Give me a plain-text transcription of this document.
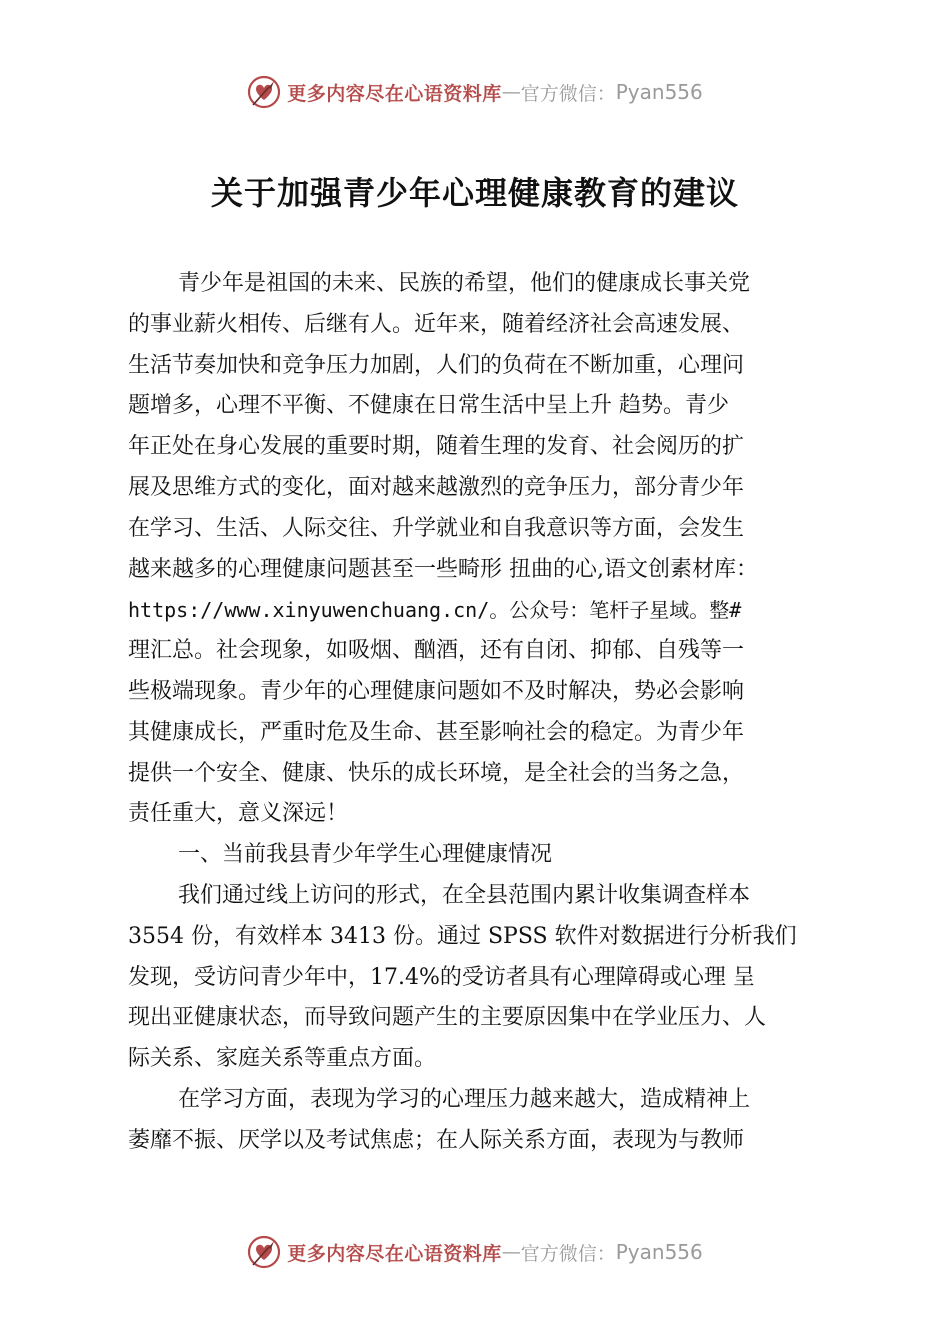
更多内容尽在心语资料库 — 官方微信： Pyan556
关于加强青少年心理健康教育的建议
青少年是祖国的未来、民族的希望，他们的健康成长事关党
的事业薪火相传、后继有人。近年来，随着经济社会高速发展、
生活节奏加快和竞争压力加剧，人们的负荷在不断加重，心理问
题增多，心理不平衡、不健康在日常生活中呈上升 趋势。青少
年正处在身心发展的重要时期，随着生理的发育、社会阅历的扩
展及思维方式的变化，面对越来越激烈的竞争压力，部分青少年
在学习、生活、人际交往、升学就业和自我意识等方面，会发生
越来越多的心理健康问题甚至一些畸形 扭曲的心,语文创素材库：
https://www.xinyuwenchuang.cn/。公众号：笔杆子星域。整#
理汇总。社会现象，如吸烟、酗酒，还有自闭、抑郁、自残等一
些极端现象。青少年的心理健康问题如不及时解决，势必会影响
其健康成长，严重时危及生命、甚至影响社会的稳定。为青少年
提供一个安全、健康、快乐的成长环境，是全社会的当务之急，
责任重大，意义深远！
一、当前我县青少年学生心理健康情况
我们通过线上访问的形式，在全县范围内累计收集调查样本
3554 份，有效样本 3413 份。通过 SPSS 软件对数据进行分析我们
发现，受访问青少年中，17.4%的受访者具有心理障碍或心理 呈
现出亚健康状态，而导致问题产生的主要原因集中在学业压力、人
际关系、家庭关系等重点方面。
在学习方面，表现为学习的心理压力越来越大，造成精神上
萎靡不振、厌学以及考试焦虑；在人际关系方面，表现为与教师
更多内容尽在心语资料库 — 官方微信： Pyan556
